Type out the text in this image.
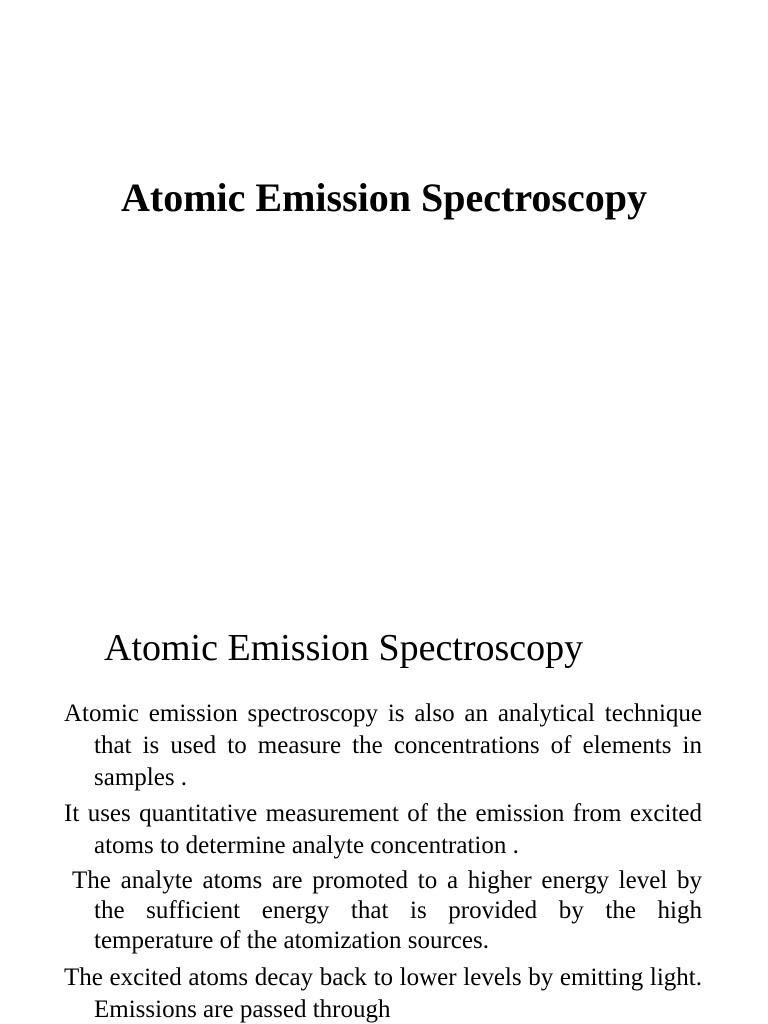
Atomic Emission Spectroscopy
Atomic Emission Spectroscopy
Atomic emission spectroscopy is also an analytical technique that is used to measure the concentrations of elements in samples .
It uses quantitative measurement of the emission from excited atoms to determine analyte concentration .
The analyte atoms are promoted to a higher energy level by the sufficient energy that is provided by the high temperature of the atomization sources.
The excited atoms decay back to lower levels by emitting light. Emissions are passed through
